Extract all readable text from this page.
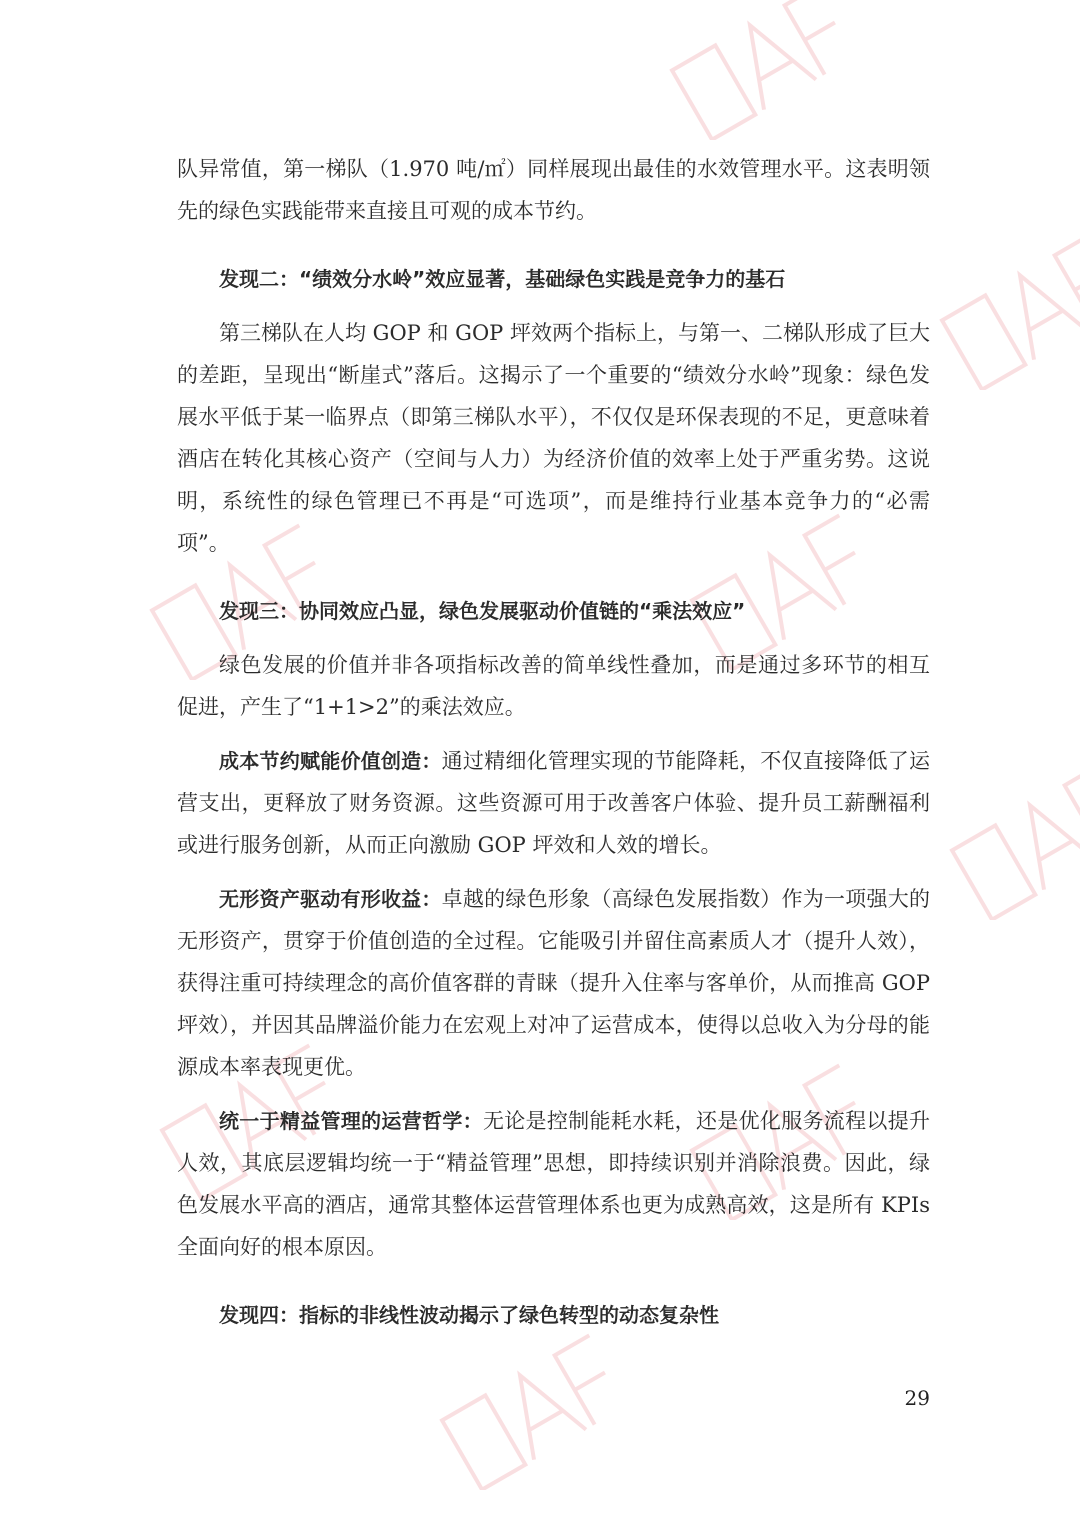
队异常值，第一梯队（1.970 吨/㎡）同样展现出最佳的水效管理水平。这表明领先的绿色实践能带来直接且可观的成本节约。

发现二：“绩效分水岭”效应显著，基础绿色实践是竞争力的基石

第三梯队在人均 GOP 和 GOP 坪效两个指标上，与第一、二梯队形成了巨大的差距，呈现出“断崖式”落后。这揭示了一个重要的“绩效分水岭”现象：绿色发展水平低于某一临界点（即第三梯队水平），不仅仅是环保表现的不足，更意味着酒店在转化其核心资产（空间与人力）为经济价值的效率上处于严重劣势。这说明，系统性的绿色管理已不再是“可选项”，而是维持行业基本竞争力的“必需项”。

发现三：协同效应凸显，绿色发展驱动价值链的“乘法效应”

绿色发展的价值并非各项指标改善的简单线性叠加，而是通过多环节的相互促进，产生了“1+1>2”的乘法效应。

成本节约赋能价值创造：通过精细化管理实现的节能降耗，不仅直接降低了运营支出，更释放了财务资源。这些资源可用于改善客户体验、提升员工薪酬福利或进行服务创新，从而正向激励 GOP 坪效和人效的增长。

无形资产驱动有形收益：卓越的绿色形象（高绿色发展指数）作为一项强大的无形资产，贯穿于价值创造的全过程。它能吸引并留住高素质人才（提升人效），获得注重可持续理念的高价值客群的青睐（提升入住率与客单价，从而推高 GOP 坪效），并因其品牌溢价能力在宏观上对冲了运营成本，使得以总收入为分母的能源成本率表现更优。

统一于精益管理的运营哲学：无论是控制能耗水耗，还是优化服务流程以提升人效，其底层逻辑均统一于“精益管理”思想，即持续识别并消除浪费。因此，绿色发展水平高的酒店，通常其整体运营管理体系也更为成熟高效，这是所有 KPIs 全面向好的根本原因。

发现四：指标的非线性波动揭示了绿色转型的动态复杂性

29
